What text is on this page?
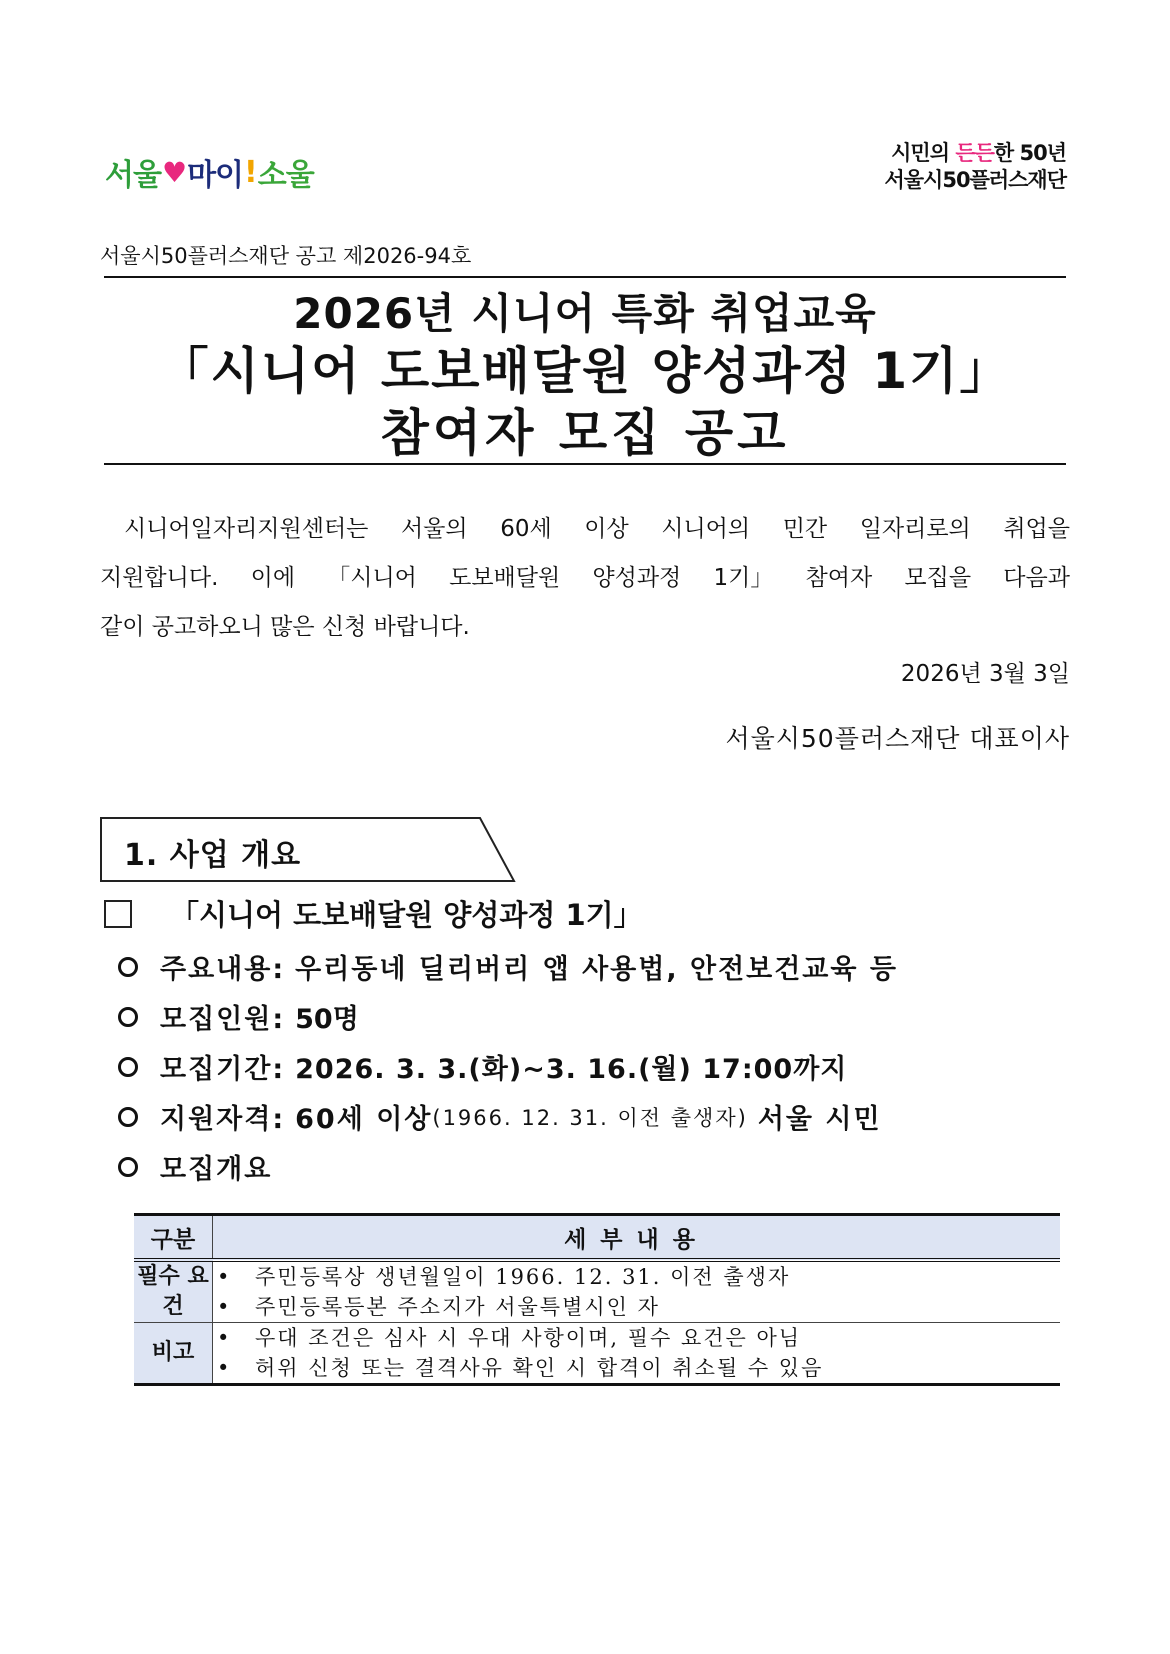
서울 ♥ 마이 ! 소울
시민의 든든한 50년
서울시50플러스재단
서울시50플러스재단 공고 제2026-94호
2026년 시니어 특화 취업교육
「시니어 도보배달원 양성과정 1기」
참여자 모집 공고
시니어일자리지원센터는 서울의 60세 이상 시니어의 민간 일자리로의 취업을
지원합니다. 이에 「시니어 도보배달원 양성과정 1기」 참여자 모집을 다음과
같이 공고하오니 많은 신청 바랍니다.
2026년 3월 3일
서울시50플러스재단 대표이사
1. 사업 개요
「시니어 도보배달원 양성과정 1기」
주요내용: 우리동네 딜리버리 앱 사용법, 안전보건교육 등
모집인원: 50명
모집기간: 2026. 3. 3.(화)~3. 16.(월) 17:00까지
지원자격: 60세 이상 (1966. 12. 31. 이전 출생자) 서울 시민
모집개요
구분	세부내용
필수 요건	• 주민등록상 생년월일이 1966. 12. 31. 이전 출생자
• 주민등록등본 주소지가 서울특별시인 자

비고	• 우대 조건은 심사 시 우대 사항이며, 필수 요건은 아님
• 허위 신청 또는 결격사유 확인 시 합격이 취소될 수 있음
